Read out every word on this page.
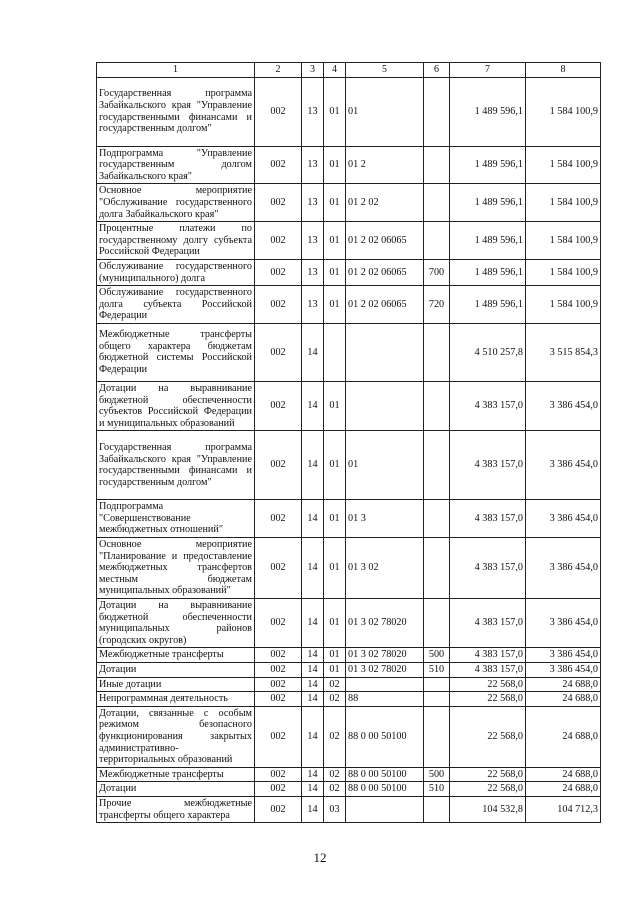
1	2	3	4	5	6	7	8
Государственная программа Забайкальского края "Управление государственными финансами и государственным долгом"	002	13	01	01		1 489 596,1	1 584 100,9
Подпрограмма "Управление государственным долгом Забайкальского края"	002	13	01	01 2		1 489 596,1	1 584 100,9
Основное мероприятие "Обслуживание государственного долга Забайкальского края"	002	13	01	01 2 02		1 489 596,1	1 584 100,9
Процентные платежи по государственному долгу субъекта Российской Федерации	002	13	01	01 2 02 06065		1 489 596,1	1 584 100,9
Обслуживание государственного (муниципального) долга	002	13	01	01 2 02 06065	700	1 489 596,1	1 584 100,9
Обслуживание государственного долга субъекта Российской Федерации	002	13	01	01 2 02 06065	720	1 489 596,1	1 584 100,9
Межбюджетные трансферты общего характера бюджетам бюджетной системы Российской Федерации	002	14				4 510 257,8	3 515 854,3
Дотации на выравнивание бюджетной обеспеченности субъектов Российской Федерации и муниципальных образований	002	14	01			4 383 157,0	3 386 454,0
Государственная программа Забайкальского края "Управление государственными финансами и государственным долгом"	002	14	01	01		4 383 157,0	3 386 454,0
Подпрограмма "Совершенствование межбюджетных отношений"	002	14	01	01 3		4 383 157,0	3 386 454,0
Основное мероприятие "Планирование и предоставление межбюджетных трансфертов местным бюджетам муниципальных образований"	002	14	01	01 3 02		4 383 157,0	3 386 454,0
Дотации на выравнивание бюджетной обеспеченности муниципальных районов (городских округов)	002	14	01	01 3 02 78020		4 383 157,0	3 386 454,0
Межбюджетные трансферты	002	14	01	01 3 02 78020	500	4 383 157,0	3 386 454,0
Дотации	002	14	01	01 3 02 78020	510	4 383 157,0	3 386 454,0
Иные дотации	002	14	02			22 568,0	24 688,0
Непрограммная деятельность	002	14	02	88		22 568,0	24 688,0
Дотации, связанные с особым режимом безопасного функционирования закрытых административно-территориальных образований	002	14	02	88 0 00 50100		22 568,0	24 688,0
Межбюджетные трансферты	002	14	02	88 0 00 50100	500	22 568,0	24 688,0
Дотации	002	14	02	88 0 00 50100	510	22 568,0	24 688,0
Прочие межбюджетные трансферты общего характера	002	14	03			104 532,8	104 712,3
12
